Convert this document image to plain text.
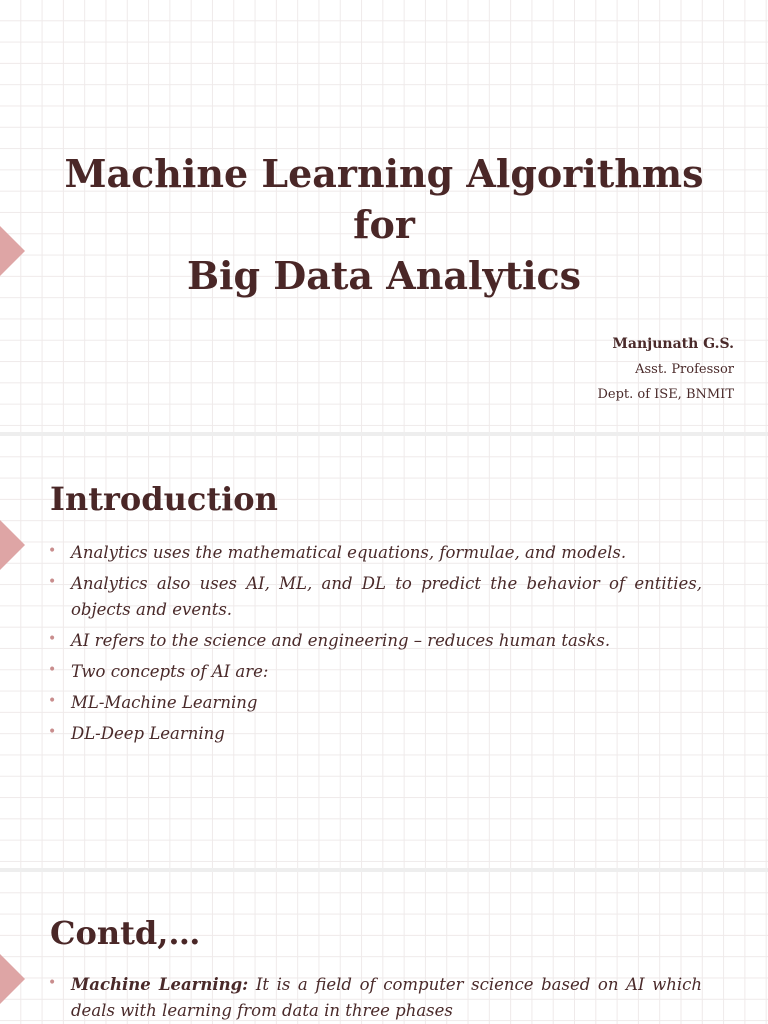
Machine Learning Algorithms for
Big Data Analytics
Manjunath G.S.
Asst. Professor
Dept. of ISE, BNMIT
Introduction
• Analytics uses the mathematical equations, formulae, and models.
• Analytics also uses AI, ML, and DL to predict the behavior of entities, objects and events.
• AI refers to the science and engineering – reduces human tasks.
• Two concepts of AI are:
• ML-Machine Learning
• DL-Deep Learning
Contd,…
• Machine Learning: It is a field of computer science based on AI which deals with learning from data in three phases
